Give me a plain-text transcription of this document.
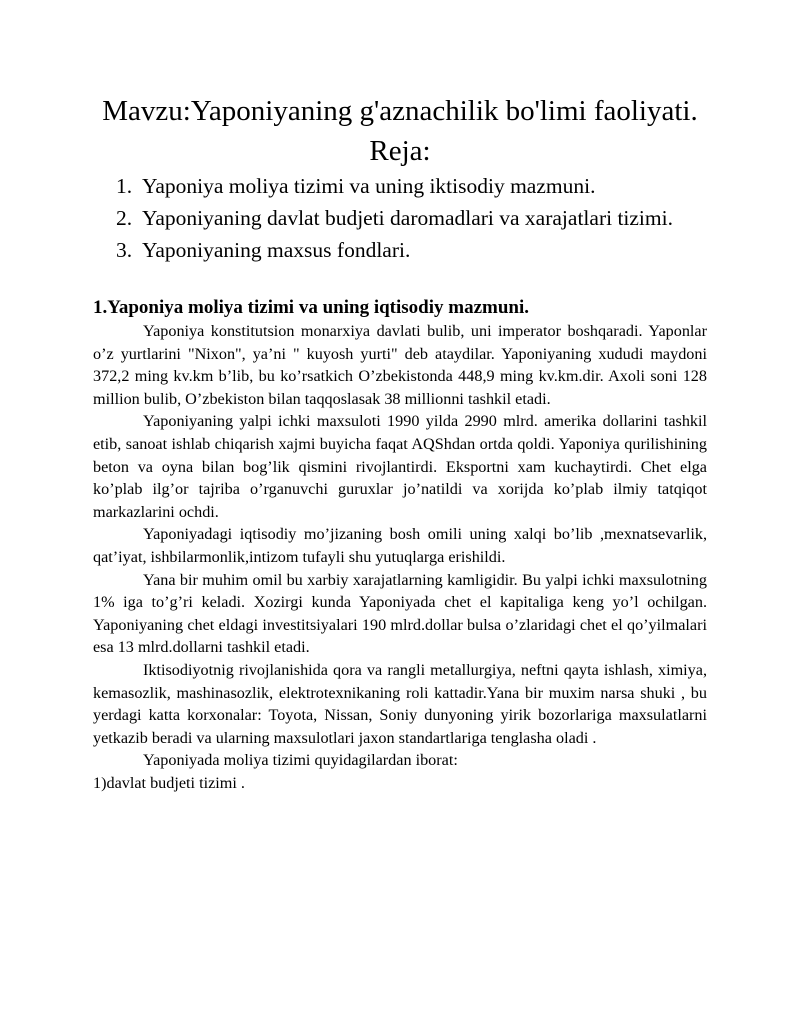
Mavzu:Yaponiyaning g'aznachilik bo'limi faoliyati.
Reja:
1. Yaponiya moliya tizimi va uning iktisodiy mazmuni.
2. Yaponiyaning davlat budjeti daromadlari va xarajatlari tizimi.
3. Yaponiyaning maxsus fondlari.
1.Yaponiya moliya tizimi va uning iqtisodiy mazmuni.

Yaponiya konstitutsion monarxiya davlati bulib, uni imperator boshqaradi. Yaponlar o’z yurtlarini "Nixon", ya’ni " kuyosh yurti" deb ataydilar. Yaponiyaning xududi maydoni 372,2 ming kv.km b’lib, bu ko’rsatkich O’zbekistonda 448,9 ming kv.km.dir. Axoli soni 128 million bulib, O’zbekiston bilan taqqoslasak 38 millionni tashkil etadi.

Yaponiyaning yalpi ichki maxsuloti 1990 yilda 2990 mlrd. amerika dollarini tashkil etib, sanoat ishlab chiqarish xajmi buyicha faqat AQShdan ortda qoldi. Yaponiya qurilishining beton va oyna bilan bog’lik qismini rivojlantirdi. Eksportni xam kuchaytirdi. Chet elga ko’plab ilg’or tajriba o’rganuvchi guruxlar jo’natildi va xorijda ko’plab ilmiy tatqiqot markazlarini ochdi.

Yaponiyadagi iqtisodiy mo’jizaning bosh omili uning xalqi bo’lib ,mexnatsevarlik, qat’iyat, ishbilarmonlik,intizom tufayli shu yutuqlarga erishildi.

Yana bir muhim omil bu xarbiy xarajatlarning kamligidir. Bu yalpi ichki maxsulotning 1% iga to’g’ri keladi. Xozirgi kunda Yaponiyada chet el kapitaliga keng yo’l ochilgan. Yaponiyaning chet eldagi investitsiyalari 190 mlrd.dollar bulsa o’zlaridagi chet el qo’yilmalari esa 13 mlrd.dollarni tashkil etadi.

Iktisodiyotnig rivojlanishida qora va rangli metallurgiya, neftni qayta ishlash, ximiya, kemasozlik, mashinasozlik, elektrotexnikaning roli kattadir.Yana bir muxim narsa shuki , bu yerdagi katta korxonalar: Toyota, Nissan, Soniy dunyoning yirik bozorlariga maxsulatlarni yetkazib beradi va ularning maxsulotlari jaxon standartlariga tenglasha oladi .

Yaponiyada moliya tizimi quyidagilardan iborat:

1)davlat budjeti tizimi .
